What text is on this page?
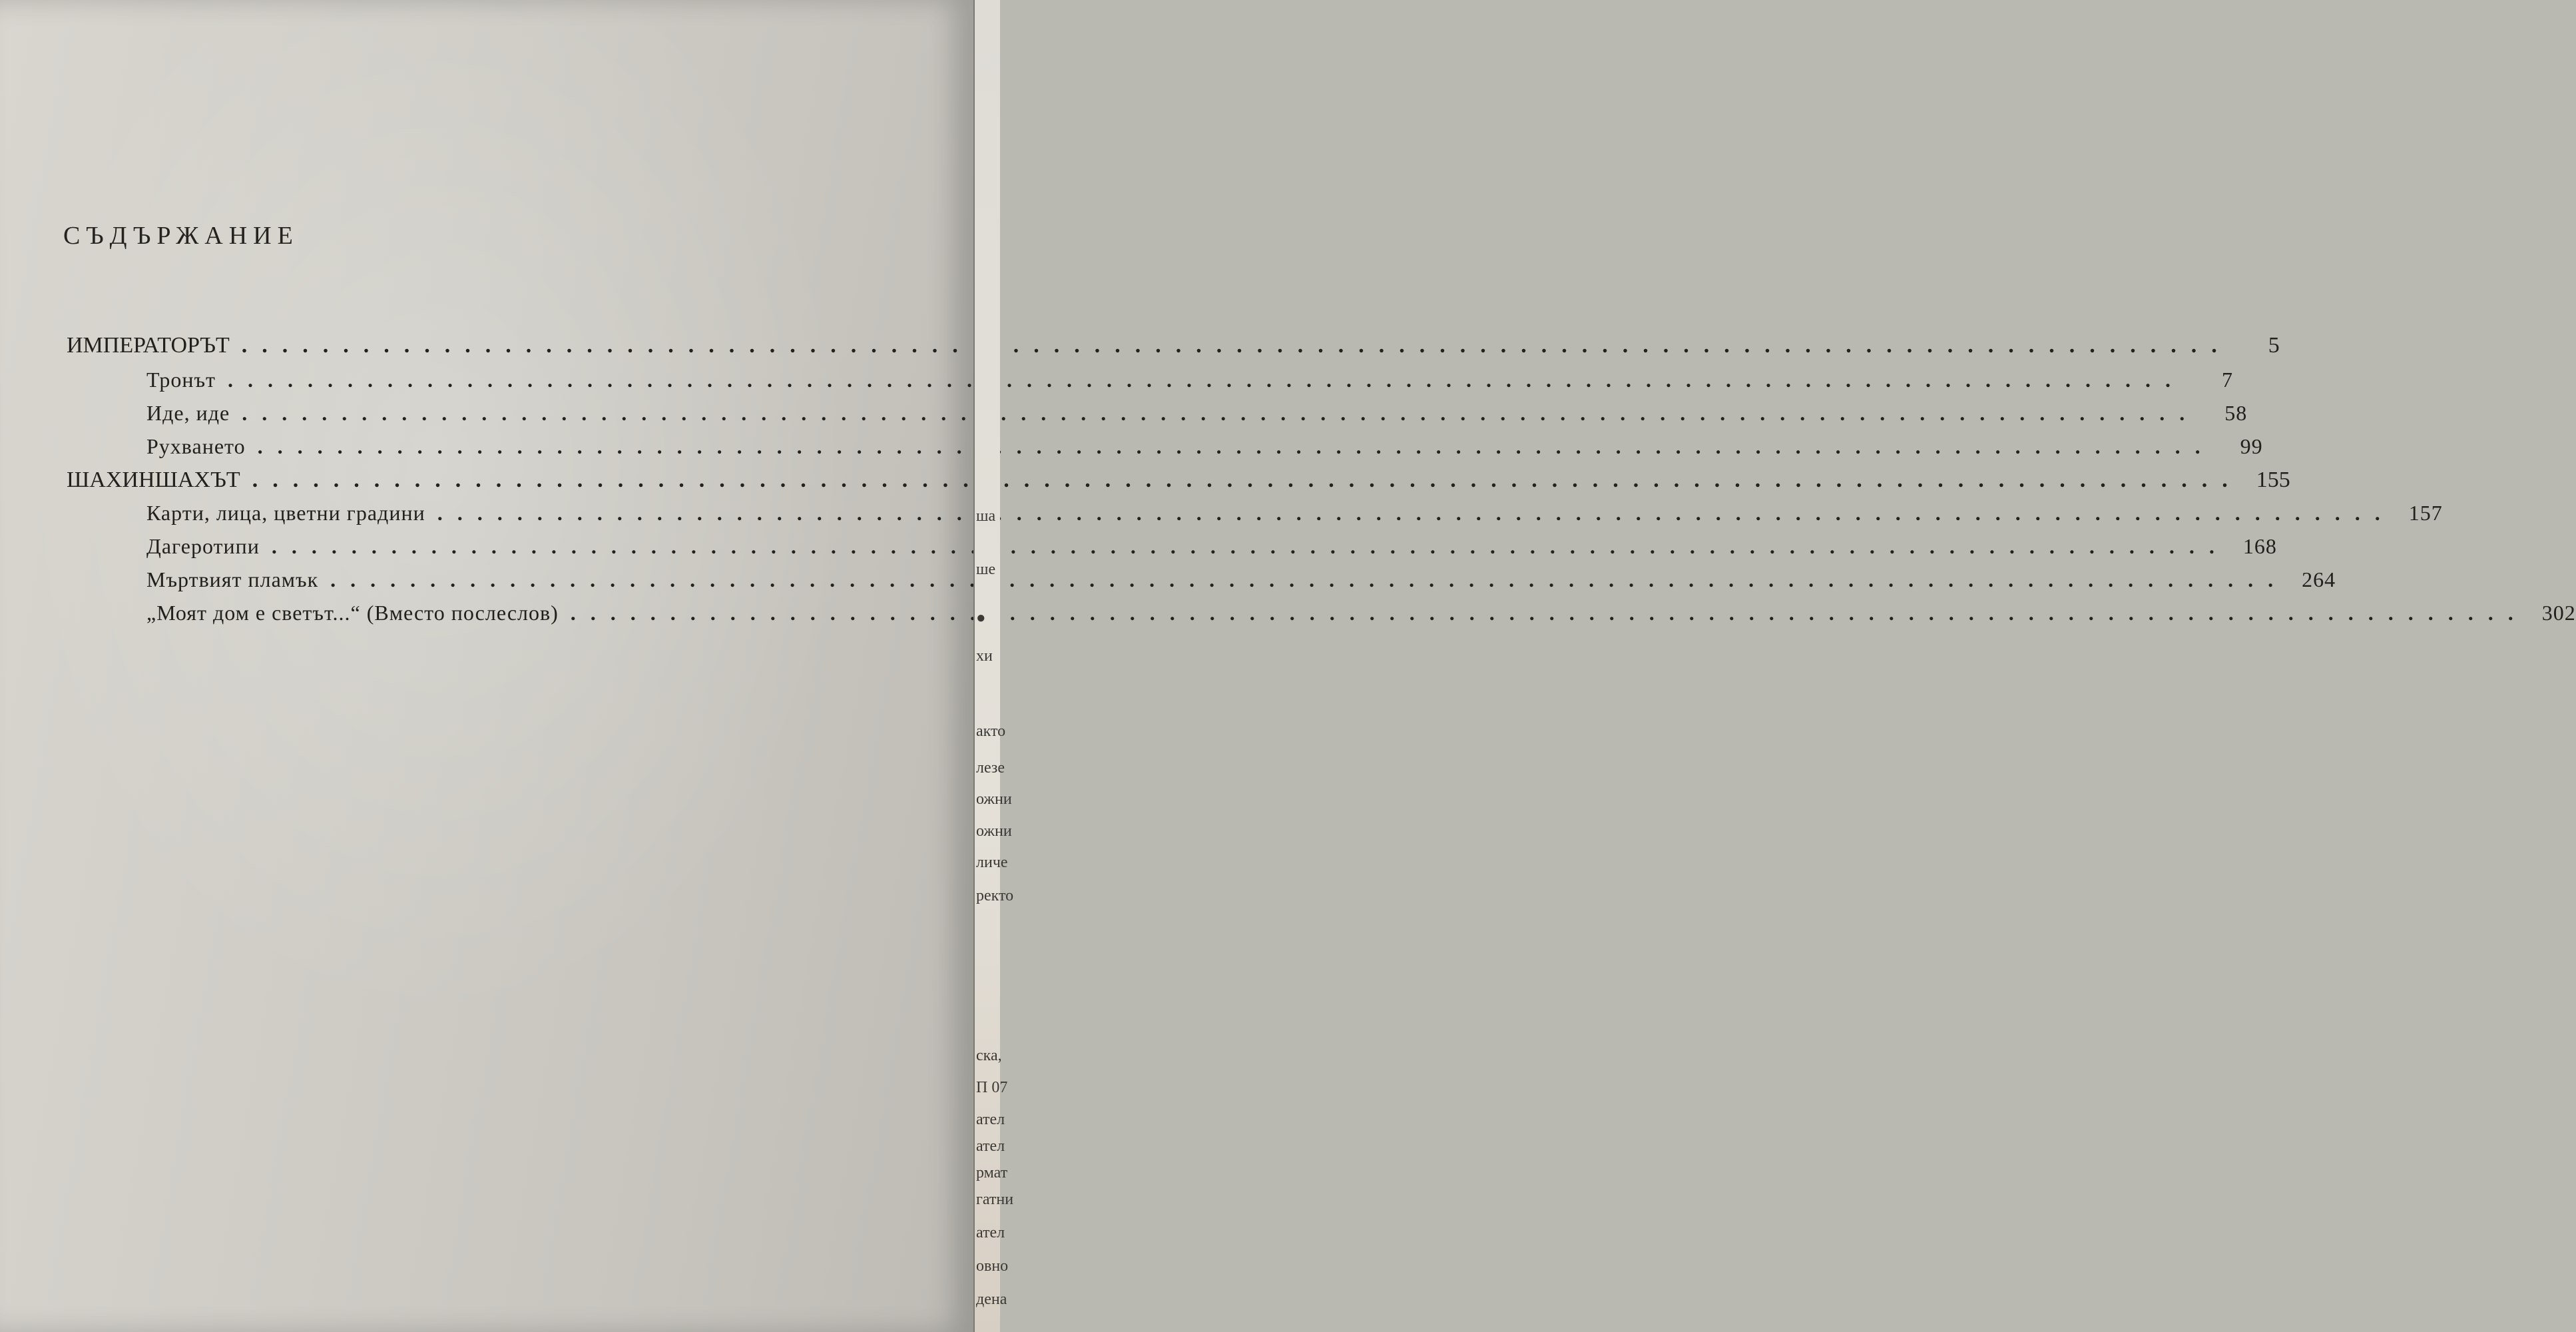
СЪДЪРЖАНИЕ
ИМПЕРАТОРЪТ .....	5
Тронът .....	7
Иде, иде .....	58
Рухването .....	99
ШАХИНШАХЪТ .....	155
Карти, лица, цветни градини .....	157
Дагеротипи .....	168
Мъртвият пламък .....	264
„Моят дом е светът...“ (Вместо послеслов) .....	302
ша
ше
●
хи
акто
лезе
ожни
ожни
личе
ректо
ска,
П 07
ател
ател
рмат
гатни
ател
овно
дена
